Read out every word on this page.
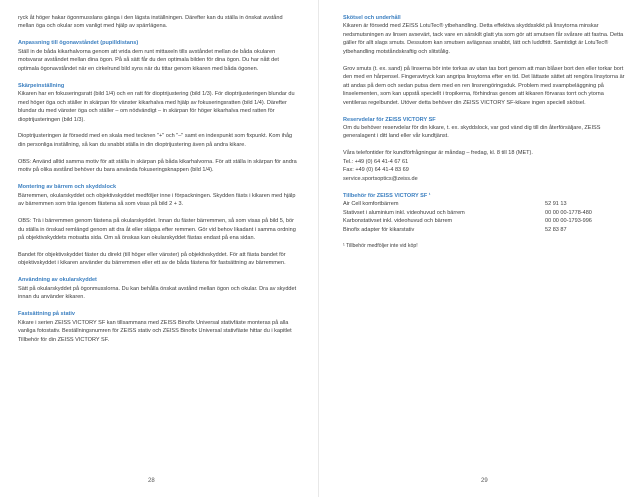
ryck åt höger hakar ögonmusslans gänga i den lägsta inställningen. Därefter kan du ställa in önskat avstånd mellan öga och okular som vanligt med hjälp av spärrlägena.

Anpassning till ögonavståndet (pupilldistans)

Ställ in de båda kikarhalvorna genom att vrida dem runt mittaxeln tills avståndet mellan de båda okularen motsvarar avståndet mellan dina ögon. På så sätt får du den optimala bilden för dina ögon. Du har nått det optimala ögonavståndet när en cirkelrund bild syns när du tittar genom kikaren med båda ögonen.

Skärpeinställning

Kikaren har en fokuseringsratt (bild 1/4) och en ratt för dioptrijustering (bild 1/3). För dioptrijusteringen blundar du med höger öga och ställer in skärpan för vänster kikarhalva med hjälp av fokuseringsratten (bild 1/4). Därefter blundar du med vänster öga och ställer – om nödvändigt – in skärpan för höger kikarhalva med ratten för dioptrijusteringen (bild 1/3).

Dioptrijusteringen är försedd med en skala med tecknen "+" och "–" samt en indexpunkt som fixpunkt. Kom ihåg din personliga inställning, så kan du snabbt ställa in din dioptrijustering även på andra kikare.

OBS: Använd alltid samma motiv för att ställa in skärpan på båda kikarhalvorna. För att ställa in skärpan för andra motiv på olika avstånd behöver du bara använda fokuseringsknappen (bild 1/4).

Montering av bärrem och skyddslock

Bärremmen, okularskyddet och objektivskyddet medföljer inne i förpackningen. Skydden fästs i kikaren med hjälp av bärremmen som träs igenom fästena så som visas på bild 2 + 3.

OBS: Trä i bärremmen genom fästena på okularskyddet. Innan du fäster bärremmen, så som visas på bild 5, bör du ställa in önskad remlängd genom att dra åt eller släppa efter remmen. Gör vid behov likadant i samma ordning på objektivskyddets motsatta sida. Om så önskas kan okularskyddet fästas endast på ena sidan.

Bandet för objektivskyddet fäster du direkt (till höger eller vänster) på objektivskyddet. För att fästa bandet för objektivskyddet i kikaren använder du bärremmen eller ett av de båda fästena för fastsättning av bärremmen.

Användning av okularskyddet

Sätt på okularskyddet på ögonmusslorna. Du kan behålla önskat avstånd mellan ögon och okular. Dra av skyddet innan du använder kikaren.

Fastsättning på stativ

Kikare i serien ZEISS VICTORY SF kan tillsammans med ZEISS Binofix Universal stativfäste monteras på alla vanliga fotostativ. Beställningsnumren för ZEISS stativ och ZEISS Binofix Universal stativfäste hittar du i kapitlet Tillbehör för din ZEISS VICTORY SF.

28

Skötsel och underhåll

Kikaren är försedd med ZEISS LotuTec® ytbehandling. Detta effektiva skyddsskikt på linsytorna minskar nedsmutsningen av linsen avsevärt, tack vare en särskilt glatt yta som gör att smutsen får svårare att fastna. Detta gäller för allt slags smuts. Dessutom kan smutsen avlägsnas snabbt, lätt och luddfritt. Samtidigt är LotuTec® ytbehandling motståndskraftig och slitstålig.

Grov smuts (t. ex. sand) på linserna bör inte torkas av utan tas bort genom att man blåser bort den eller torkar bort den med en hårpensel. Fingeravtryck kan angripa linsytorna efter en tid. Det lättaste sättet att rengöra linsytorna är att andas på dem och sedan putsa dem med en ren linsrengöringsduk. Problem med svampbeläggning på linselementen, som kan uppstå speciellt i tropikerna, förhindras genom att kikaren förvaras torrt och ytorna ventileras regelbundet. Utöver detta behöver din ZEISS VICTORY SF-kikare ingen speciell skötsel.

Reservdelar för ZEISS VICTORY SF

Om du behöver reservdelar för din kikare, t. ex. skyddslock, var god vänd dig till din återförsäljare, ZEISS generalagent i ditt land eller vår kundtjänst.

Våra telefontider för kundförfrågningar är måndag – fredag, kl. 8 till 18 (MET).
Tel.: +49 (0) 64 41-4 67 61
Fax: +49 (0) 64 41-4 83 69
service.sportsoptics@zeiss.de

Tillbehör för ZEISS VICTORY SF ¹

Air Cell komfortbärrem	52 91 13
Stativset i aluminium inkl. videohuvud och bärrem	00 00 00-1778-480
Karbonstativset inkl. videohuvud och bärrem	00 00 00-1793-996
Binofix adapter för kikarstativ	52 83 87

¹ Tillbehör medföljer inte vid köp!

29
